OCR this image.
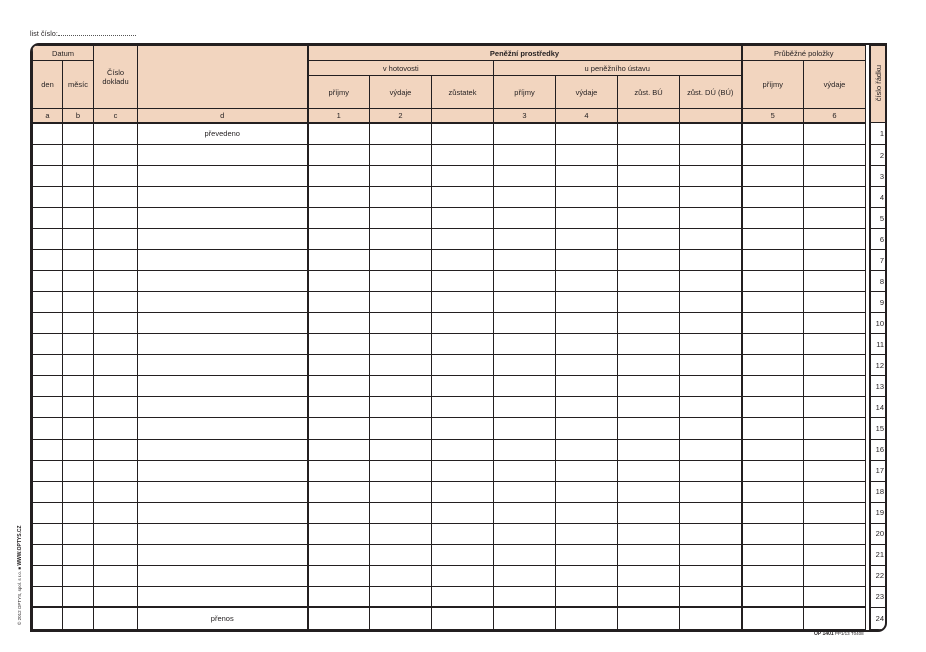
list číslo:
Datum		Číslo dokladu		Peněžní prostředky							Průběžné položky			číslo řádku
den	měsíc			v hotovosti			u peněžního ústavu				příjmy	výdaje		
				příjmy	výdaje	zůstatek	příjmy	výdaje	zůst. BÚ	zůst. DÚ (BÚ)				
a	b	c	d	1	2		3	4			5	6		
			převedeno											1
														2
														3
														4
														5
														6
														7
														8
														9
														10
														11
														12
														13
														14
														15
														16
														17
														18
														19
														20
														21
														22
														23
			přenos											24
© 2012 OPTYS, spol. s r.o. ■ WWW.OPTYS.CZ
OP 1401 PP1/13 T0408
